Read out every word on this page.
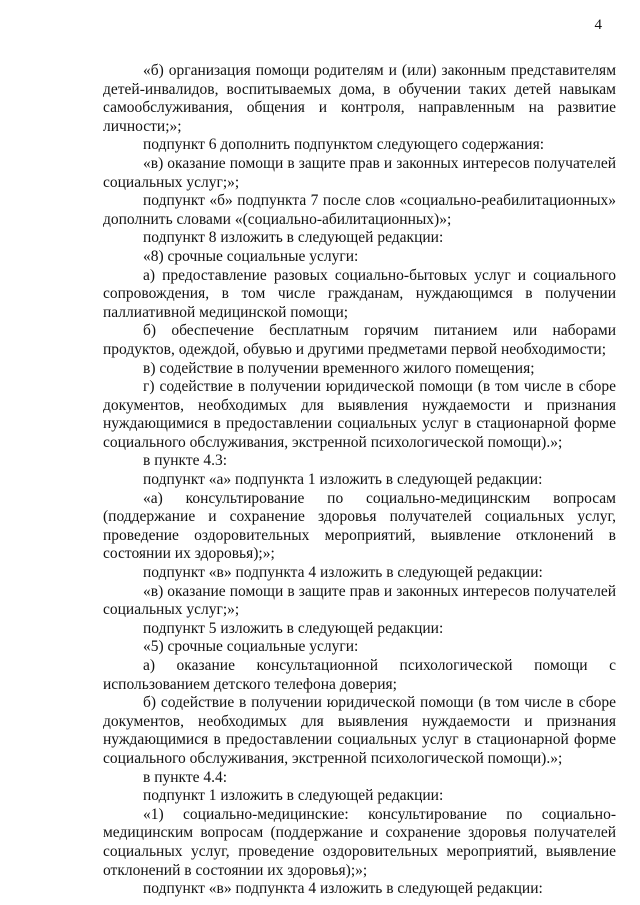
4

«б) организация помощи родителям и (или) законным представителям детей-инвалидов, воспитываемых дома, в обучении таких детей навыкам самообслуживания, общения и контроля, направленным на развитие личности;»;

подпункт 6 дополнить подпунктом следующего содержания:

«в) оказание помощи в защите прав и законных интересов получателей социальных услуг;»;

подпункт «б» подпункта 7 после слов «социально-реабилитационных» дополнить словами «(социально-абилитационных)»;

подпункт 8 изложить в следующей редакции:

«8) срочные социальные услуги:

а) предоставление разовых социально-бытовых услуг и социального сопровождения, в том числе гражданам, нуждающимся в получении паллиативной медицинской помощи;

б) обеспечение бесплатным горячим питанием или наборами продуктов, одеждой, обувью и другими предметами первой необходимости;

в) содействие в получении временного жилого помещения;

г) содействие в получении юридической помощи (в том числе в сборе документов, необходимых для выявления нуждаемости и признания нуждающимися в предоставлении социальных услуг в стационарной форме социального обслуживания, экстренной психологической помощи).»;

в пункте 4.3:

подпункт «а» подпункта 1 изложить в следующей редакции:

«а) консультирование по социально-медицинским вопросам (поддержание и сохранение здоровья получателей социальных услуг, проведение оздоровительных мероприятий, выявление отклонений в состоянии их здоровья);»;

подпункт «в» подпункта 4 изложить в следующей редакции:

«в) оказание помощи в защите прав и законных интересов получателей социальных услуг;»;

подпункт 5 изложить в следующей редакции:

«5) срочные социальные услуги:

а) оказание консультационной психологической помощи с использованием детского телефона доверия;

б) содействие в получении юридической помощи (в том числе в сборе документов, необходимых для выявления нуждаемости и признания нуждающимися в предоставлении социальных услуг в стационарной форме социального обслуживания, экстренной психологической помощи).»;

в пункте 4.4:

подпункт 1 изложить в следующей редакции:

«1) социально-медицинские: консультирование по социально-медицинским вопросам (поддержание и сохранение здоровья получателей социальных услуг, проведение оздоровительных мероприятий, выявление отклонений в состоянии их здоровья);»;

подпункт «в» подпункта 4 изложить в следующей редакции:
